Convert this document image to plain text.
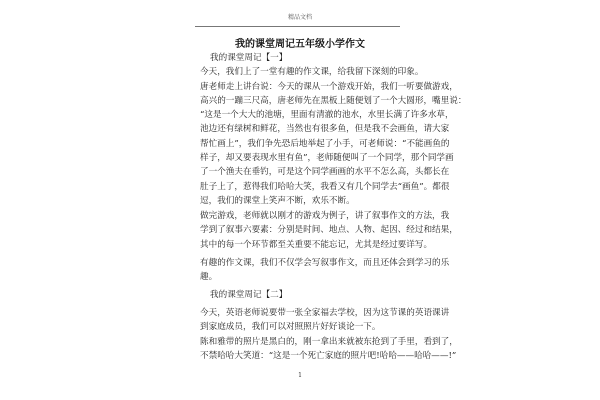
精品文档
我的课堂周记五年级小学作文
我的课堂周记【一】
今天，我们上了一堂有趣的作文课，给我留下深刻的印象。
唐老师走上讲台说：今天的课从一个游戏开始，我们一听要做游戏，
高兴的一蹦三尺高，唐老师先在黑板上随便划了一个大圆形，嘴里说：
“这是一个大大的池塘，里面有清澈的池水，水里长满了许多水草，
池边还有绿树和鲜花，当然也有很多鱼，但是我不会画鱼，请大家
帮忙画上”，我们争先恐后地举起了小手，可老师说：“不能画鱼的
样子，却又要表现水里有鱼”，老师随便叫了一个同学，那个同学画
了一个渔夫在垂钓，可是这个同学画画的水平不怎么高，头都长在
肚子上了，惹得我们哈哈大笑，我看又有几个同学去“画鱼”。都很
逗，我们的课堂上笑声不断，欢乐不断。
做完游戏，老师就以刚才的游戏为例子，讲了叙事作文的方法，我
学到了叙事六要素：分别是时间、地点、人物、起因、经过和结果，
其中的每一个环节都至关重要不能忘记，尤其是经过要详写。
有趣的作文课，我们不仅学会写叙事作文，而且还体会到学习的乐
趣。
我的课堂周记【二】
今天，英语老师说要带一张全家福去学校，因为这节课的英语课讲
到家庭成员，我们可以对照照片好好谈论一下。
陈和雅带的照片是黑白的，刚一拿出来就被东抢到了手里，看到了，
不禁哈哈大笑道：“这是一个死亡家庭的照片吧!哈哈——哈哈——!”
1
